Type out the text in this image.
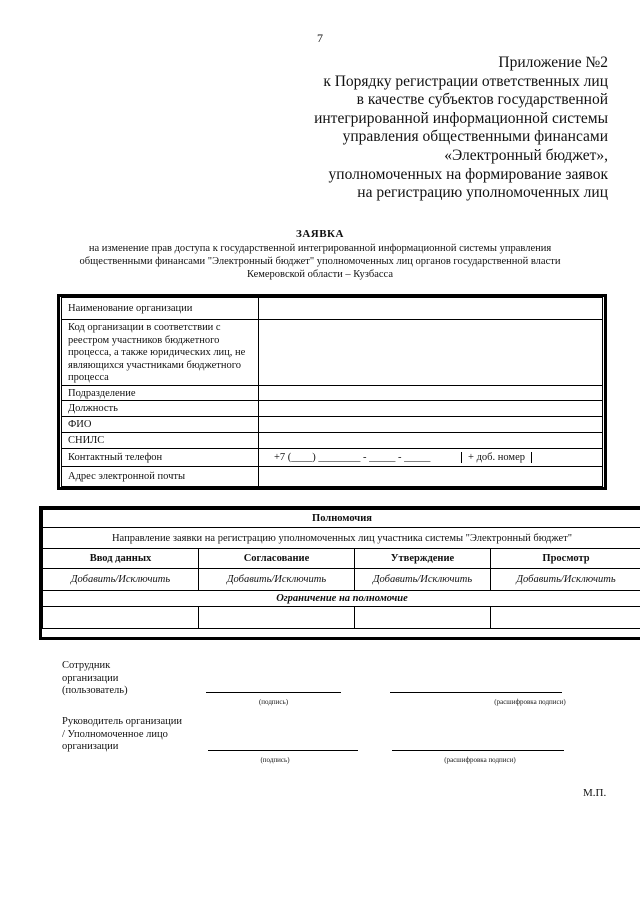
7
Приложение №2
к Порядку регистрации ответственных лиц
в качестве субъектов государственной
интегрированной информационной системы
управления общественными финансами
«Электронный бюджет»,
уполномоченных на формирование заявок
на регистрацию уполномоченных лиц
ЗАЯВКА
на изменение прав доступа к государственной интегрированной информационной системы управления
общественными финансами "Электронный бюджет" уполномоченных лиц органов государственной власти
Кемеровской области – Кузбасса
Наименование организации	
Код организации в соответствии с реестром участников бюджетного процесса, а также юридических лиц, не являющихся участниками бюджетного процесса	
Подразделение	
Должность	
ФИО	
СНИЛС	
Контактный телефон	+7 (____) ________ - _____ - _____ + доб. номер

Адрес электронной почты	
Полномочия			
Направление заявки на регистрацию уполномоченных лиц участника системы "Электронный бюджет"			
Ввод данных	Согласование	Утверждение	Просмотр
Добавить/Исключить	Добавить/Исключить	Добавить/Исключить	Добавить/Исключить
Ограничение на полномочие			

Сотрудник
организации
(пользователь)
(подпись)	(расшифровка подписи)
Руководитель организации
/ Уполномоченное лицо
организации
(подпись)	(расшифровка подписи)
М.П.
